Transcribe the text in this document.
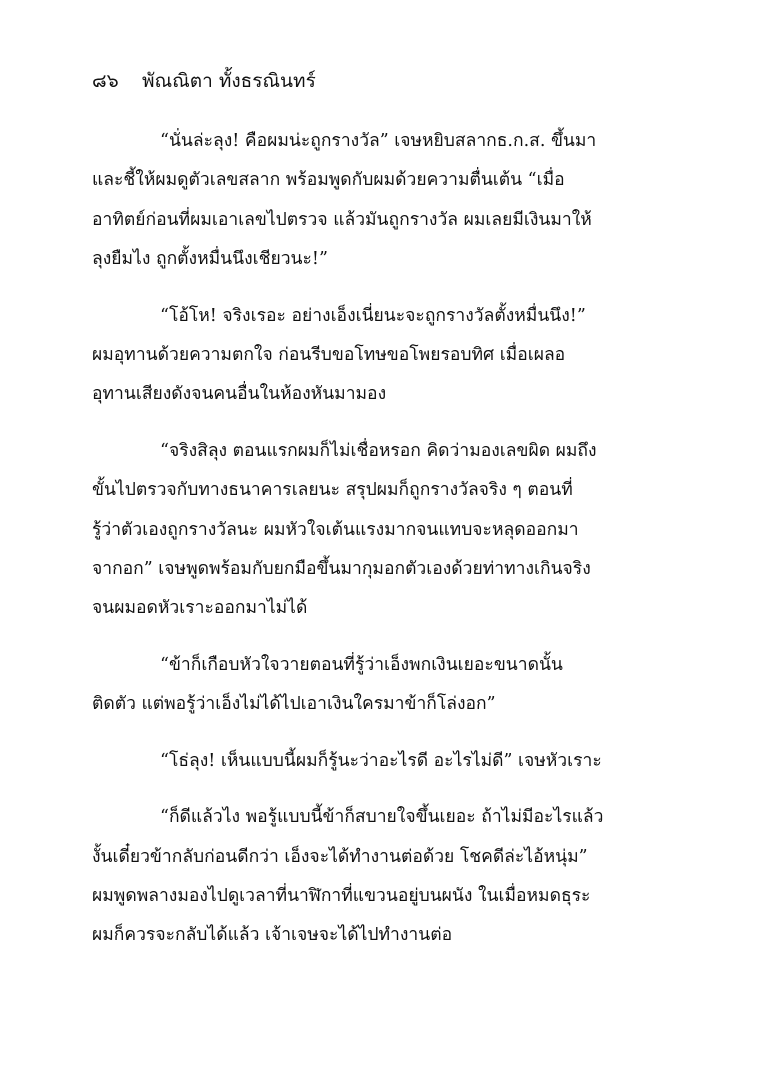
๘๖ พัณณิตา ทั้งธรณินทร์
“นั่นล่ะลุง! คือผมน่ะถูกรางวัล” เจษหยิบสลากธ.ก.ส. ขึ้นมา
และชี้ให้ผมดูตัวเลขสลาก พร้อมพูดกับผมด้วยความตื่นเต้น “เมื่อ
อาทิตย์ก่อนที่ผมเอาเลขไปตรวจ แล้วมันถูกรางวัล ผมเลยมีเงินมาให้
ลุงยืมไง ถูกตั้งหมื่นนึงเชียวนะ!”
“โอ้โห! จริงเรอะ อย่างเอ็งเนี่ยนะจะถูกรางวัลตั้งหมื่นนึง!”
ผมอุทานด้วยความตกใจ ก่อนรีบขอโทษขอโพยรอบทิศ เมื่อเผลอ
อุทานเสียงดังจนคนอื่นในห้องหันมามอง
“จริงสิลุง ตอนแรกผมก็ไม่เชื่อหรอก คิดว่ามองเลขผิด ผมถึง
ขั้นไปตรวจกับทางธนาคารเลยนะ สรุปผมก็ถูกรางวัลจริง ๆ ตอนที่
รู้ว่าตัวเองถูกรางวัลนะ ผมหัวใจเต้นแรงมากจนแทบจะหลุดออกมา
จากอก” เจษพูดพร้อมกับยกมือขึ้นมากุมอกตัวเองด้วยท่าทางเกินจริง
จนผมอดหัวเราะออกมาไม่ได้
“ข้าก็เกือบหัวใจวายตอนที่รู้ว่าเอ็งพกเงินเยอะขนาดนั้น
ติดตัว แต่พอรู้ว่าเอ็งไม่ได้ไปเอาเงินใครมาข้าก็โล่งอก”
“โธ่ลุง! เห็นแบบนี้ผมก็รู้นะว่าอะไรดี อะไรไม่ดี” เจษหัวเราะ
“ก็ดีแล้วไง พอรู้แบบนี้ข้าก็สบายใจขึ้นเยอะ ถ้าไม่มีอะไรแล้ว
งั้นเดี๋ยวข้ากลับก่อนดีกว่า เอ็งจะได้ทำงานต่อด้วย โชคดีล่ะไอ้หนุ่ม”
ผมพูดพลางมองไปดูเวลาที่นาฬิกาที่แขวนอยู่บนผนัง ในเมื่อหมดธุระ
ผมก็ควรจะกลับได้แล้ว เจ้าเจษจะได้ไปทำงานต่อ
